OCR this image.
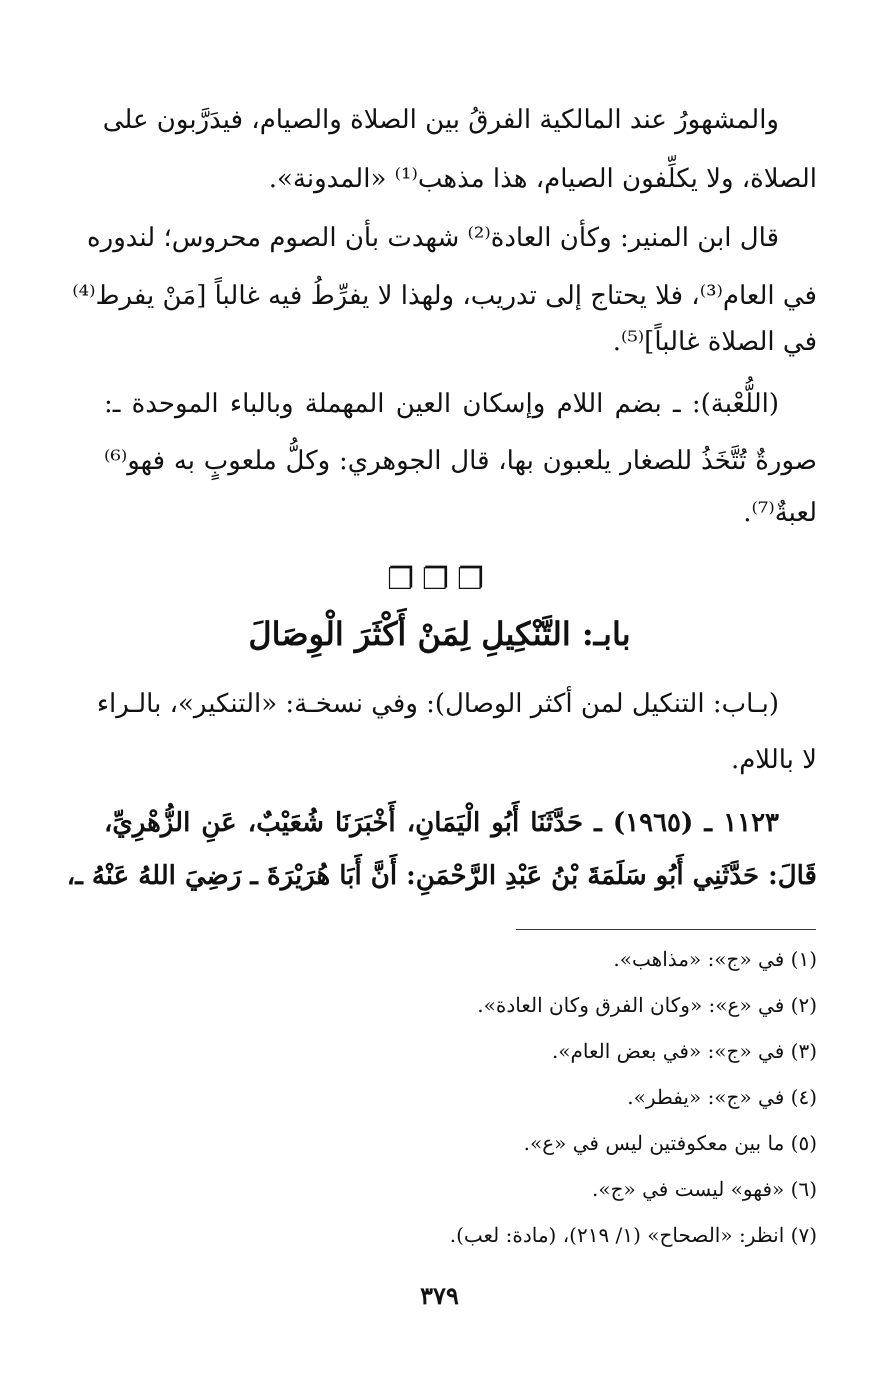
والمشهورُ عند المالكية الفرقُ بين الصلاة والصيام، فيدَرَّبون على
الصلاة، ولا يكلِّفون الصيام، هذا مذهب⁽¹⁾ «المدونة».
قال ابن المنير: وكأن العادة⁽²⁾ شهدت بأن الصوم محروس؛ لندوره
في العام⁽³⁾، فلا يحتاج إلى تدريب، ولهذا لا يفرِّطُ فيه غالباً [مَنْ يفرط⁽⁴⁾
في الصلاة غالباً]⁽⁵⁾.
(اللُّعْبة): ـ بضم اللام وإسكان العين المهملة وبالباء الموحدة ـ:
صورةٌ تُتَّخَذُ للصغار يلعبون بها، قال الجوهري: وكلُّ ملعوبٍ به فهو⁽⁶⁾
لعبةٌ⁽⁷⁾.
❐❐❐
بابـ: التَّنْكِيلِ لِمَنْ أَكْثَرَ الْوِصَالَ
(بـاب: التنكيل لمن أكثر الوصال): وفي نسخـة: «التنكير»، بالـراء
لا باللام.
١١٢٣ ـ (١٩٦٥) ـ حَدَّثَنَا أَبُو الْيَمَانِ، أَخْبَرَنَا شُعَيْبٌ، عَنِ الزُّهْرِيِّ،
قَالَ: حَدَّثَنِي أَبُو سَلَمَةَ بْنُ عَبْدِ الرَّحْمَنِ: أَنَّ أَبَا هُرَيْرَةَ ـ رَضِيَ اللهُ عَنْهُ ـ،
(١) في «ج»: «مذاهب».
(٢) في «ع»: «وكان الفرق وكان العادة».
(٣) في «ج»: «في بعض العام».
(٤) في «ج»: «يفطر».
(٥) ما بين معكوفتين ليس في «ع».
(٦) «فهو» ليست في «ج».
(٧) انظر: «الصحاح» (١/ ٢١٩)، (مادة: لعب).
٣٧٩
